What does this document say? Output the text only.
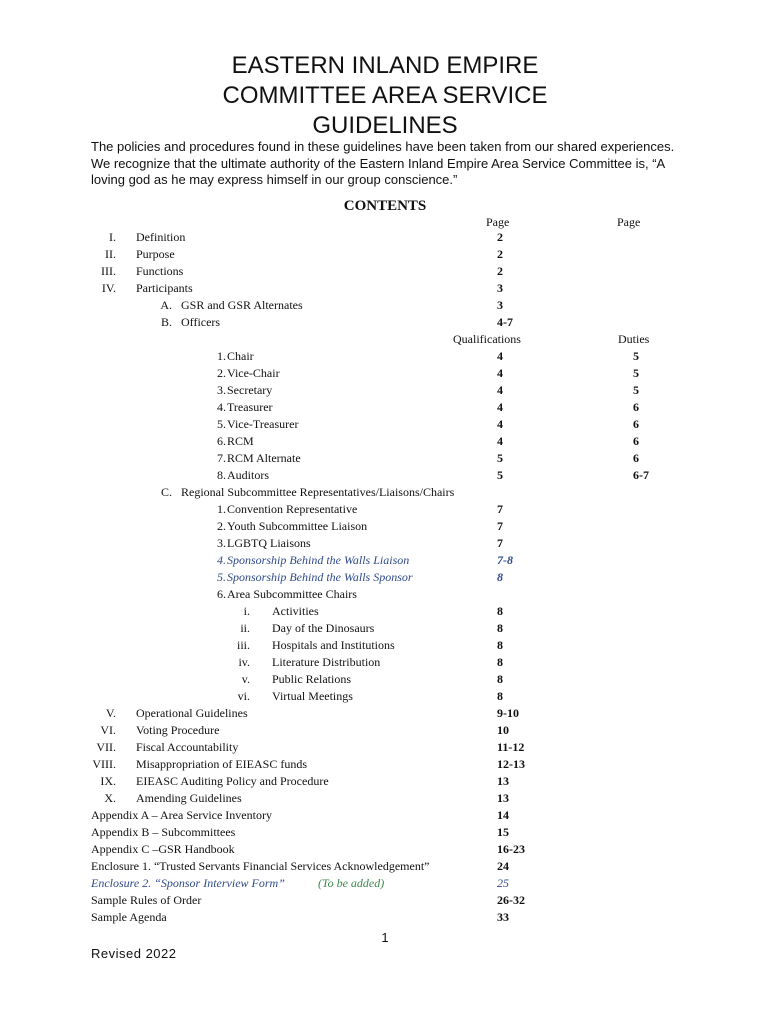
EASTERN INLAND EMPIRE
COMMITTEE AREA SERVICE
GUIDELINES
The policies and procedures found in these guidelines have been taken from our shared experiences. We recognize that the ultimate authority of the Eastern Inland Empire Area Service Committee is, “A loving god as he may express himself in our group conscience.”
CONTENTS
Page	Page
I. Definition	2
II. Purpose	2
III. Functions	2
IV. Participants	3
A. GSR and GSR Alternates	3
B. Officers	4-7
Qualifications	Duties
1. Chair	4	5
2. Vice-Chair	4	5
3. Secretary	4	5
4. Treasurer	4	6
5. Vice-Treasurer	4	6
6. RCM	4	6
7. RCM Alternate	5	6
8. Auditors	5	6-7
C. Regional Subcommittee Representatives/Liaisons/Chairs
1. Convention Representative	7
2. Youth Subcommittee Liaison	7
3. LGBTQ Liaisons	7
4. Sponsorship Behind the Walls Liaison	7-8
5. Sponsorship Behind the Walls Sponsor	8
6. Area Subcommittee Chairs
i. Activities	8
ii. Day of the Dinosaurs	8
iii. Hospitals and Institutions	8
iv. Literature Distribution	8
v. Public Relations	8
vi. Virtual Meetings	8
V. Operational Guidelines	9-10
VI. Voting Procedure	10
VII. Fiscal Accountability	11-12
VIII. Misappropriation of EIEASC funds	12-13
IX. EIEASC Auditing Policy and Procedure	13
X. Amending Guidelines	13
Appendix A – Area Service Inventory	14
Appendix B – Subcommittees	15
Appendix C –GSR Handbook	16-23
Enclosure 1. “Trusted Servants Financial Services Acknowledgement”	24
Enclosure 2. “Sponsor Interview Form”	(To be added)	25
Sample Rules of Order	26-32
Sample Agenda	33
1
Revised 2022
